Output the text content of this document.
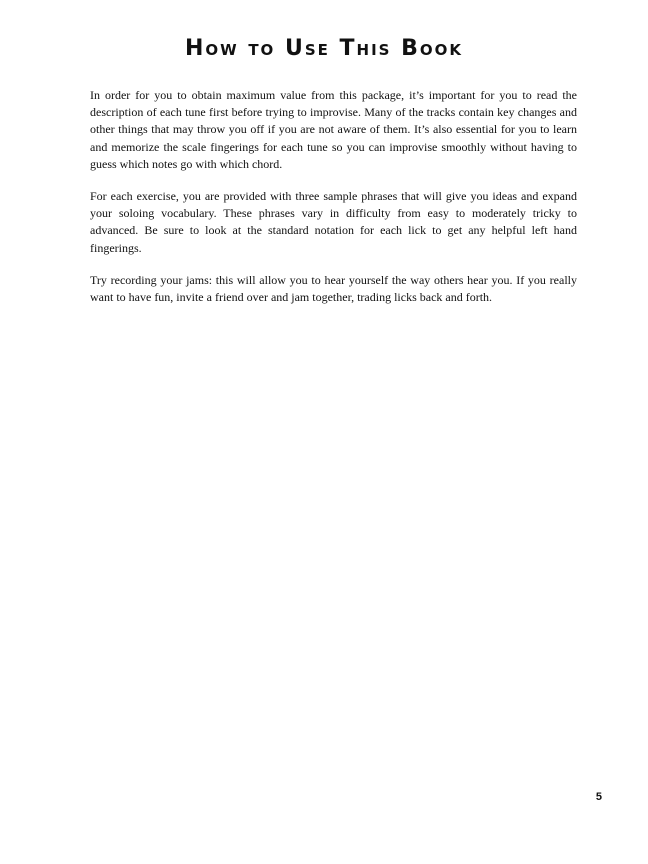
How to Use This Book

In order for you to obtain maximum value from this package, it’s important for you to read the description of each tune first before trying to improvise. Many of the tracks contain key changes and other things that may throw you off if you are not aware of them. It’s also essential for you to learn and memorize the scale fingerings for each tune so you can improvise smoothly without having to guess which notes go with which chord.

For each exercise, you are provided with three sample phrases that will give you ideas and expand your soloing vocabulary. These phrases vary in difficulty from easy to moderately tricky to advanced. Be sure to look at the standard notation for each lick to get any helpful left hand fingerings.

Try recording your jams: this will allow you to hear yourself the way others hear you. If you really want to have fun, invite a friend over and jam together, trading licks back and forth.

5
